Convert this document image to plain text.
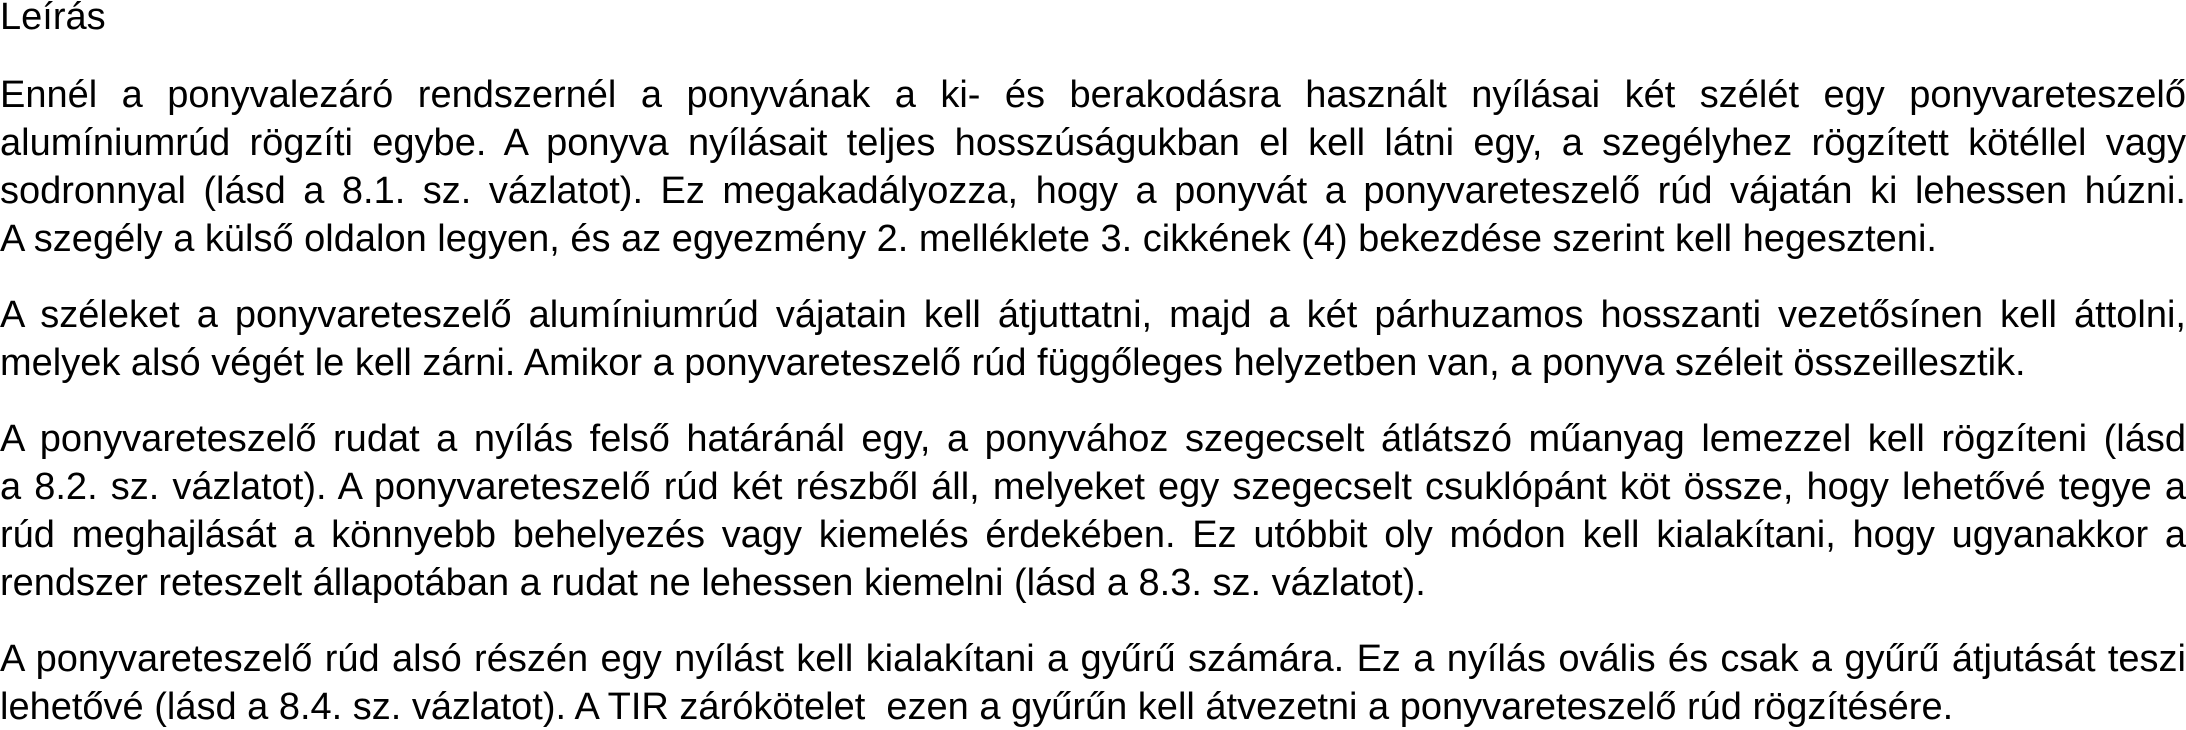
Leírás
Ennél a ponyvalezáró rendszernél a ponyvának a ki- és berakodásra használt nyílásai két szélét egy ponyvareteszelő
alumíniumrúd rögzíti egybe. A ponyva nyílásait teljes hosszúságukban el kell látni egy, a szegélyhez rögzített kötéllel vagy
sodronnyal (lásd a 8.1. sz. vázlatot). Ez megakadályozza, hogy a ponyvát a ponyvareteszelő rúd vájatán ki lehessen húzni.
A szegély a külső oldalon legyen, és az egyezmény 2. melléklete 3. cikkének (4) bekezdése szerint kell hegeszteni.
A széleket a ponyvareteszelő alumíniumrúd vájatain kell átjuttatni, majd a két párhuzamos hosszanti vezetősínen kell áttolni,
melyek alsó végét le kell zárni. Amikor a ponyvareteszelő rúd függőleges helyzetben van, a ponyva széleit összeillesztik.
A ponyvareteszelő rudat a nyílás felső határánál egy, a ponyvához szegecselt átlátszó műanyag lemezzel kell rögzíteni (lásd
a 8.2. sz. vázlatot). A ponyvareteszelő rúd két részből áll, melyeket egy szegecselt csuklópánt köt össze, hogy lehetővé tegye a
rúd meghajlását a könnyebb behelyezés vagy kiemelés érdekében. Ez utóbbit oly módon kell kialakítani, hogy ugyanakkor a
rendszer reteszelt állapotában a rudat ne lehessen kiemelni (lásd a 8.3. sz. vázlatot).
A ponyvareteszelő rúd alsó részén egy nyílást kell kialakítani a gyűrű számára. Ez a nyílás ovális és csak a gyűrű átjutását teszi
lehetővé (lásd a 8.4. sz. vázlatot). A TIR zárókötelet  ezen a gyűrűn kell átvezetni a ponyvareteszelő rúd rögzítésére.
